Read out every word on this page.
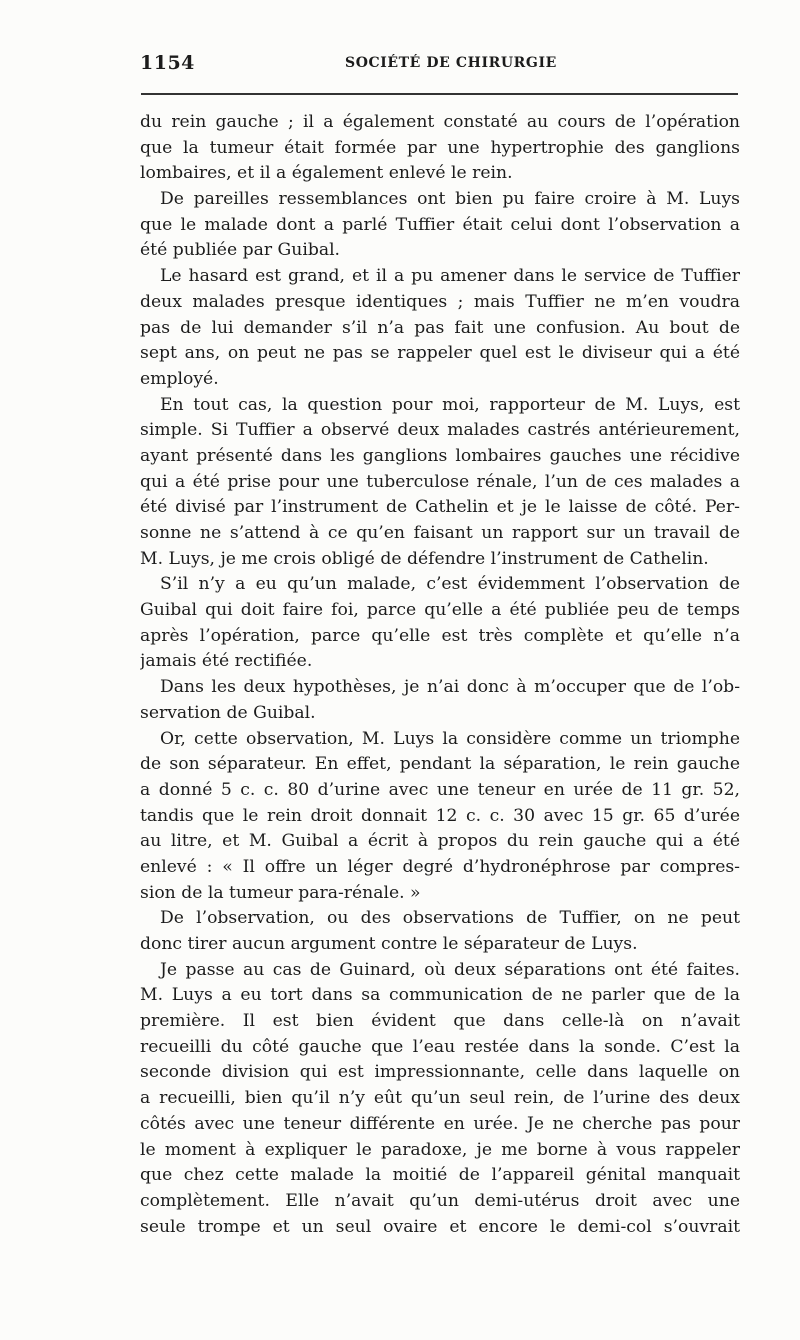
1154	SOCIÉTÉ DE CHIRURGIE
du rein gauche ; il a également constaté au cours de l’opération
que la tumeur était formée par une hypertrophie des ganglions
lombaires, et il a également enlevé le rein.
De pareilles ressemblances ont bien pu faire croire à M. Luys
que le malade dont a parlé Tuffier était celui dont l’observation a
été publiée par Guibal.
Le hasard est grand, et il a pu amener dans le service de Tuffier
deux malades presque identiques ; mais Tuffier ne m’en voudra
pas de lui demander s’il n’a pas fait une confusion. Au bout de
sept ans, on peut ne pas se rappeler quel est le diviseur qui a été
employé.
En tout cas, la question pour moi, rapporteur de M. Luys, est
simple. Si Tuffier a observé deux malades castrés antérieurement,
ayant présenté dans les ganglions lombaires gauches une récidive
qui a été prise pour une tuberculose rénale, l’un de ces malades a
été divisé par l’instrument de Cathelin et je le laisse de côté. Per-
sonne ne s’attend à ce qu’en faisant un rapport sur un travail de
M. Luys, je me crois obligé de défendre l’instrument de Cathelin.
S’il n’y a eu qu’un malade, c’est évidemment l’observation de
Guibal qui doit faire foi, parce qu’elle a été publiée peu de temps
après l’opération, parce qu’elle est très complète et qu’elle n’a
jamais été rectifiée.
Dans les deux hypothèses, je n’ai donc à m’occuper que de l’ob-
servation de Guibal.
Or, cette observation, M. Luys la considère comme un triomphe
de son séparateur. En effet, pendant la séparation, le rein gauche
a donné 5 c. c. 80 d’urine avec une teneur en urée de 11 gr. 52,
tandis que le rein droit donnait 12 c. c. 30 avec 15 gr. 65 d’urée
au litre, et M. Guibal a écrit à propos du rein gauche qui a été
enlevé : « Il offre un léger degré d’hydronéphrose par compres-
sion de la tumeur para-rénale. »
De l’observation, ou des observations de Tuffier, on ne peut
donc tirer aucun argument contre le séparateur de Luys.
Je passe au cas de Guinard, où deux séparations ont été faites.
M. Luys a eu tort dans sa communication de ne parler que de la
première. Il est bien évident que dans celle-là on n’avait
recueilli du côté gauche que l’eau restée dans la sonde. C’est la
seconde division qui est impressionnante, celle dans laquelle on
a recueilli, bien qu’il n’y eût qu’un seul rein, de l’urine des deux
côtés avec une teneur différente en urée. Je ne cherche pas pour
le moment à expliquer le paradoxe, je me borne à vous rappeler
que chez cette malade la moitié de l’appareil génital manquait
complètement. Elle n’avait qu’un demi-utérus droit avec une
seule trompe et un seul ovaire et encore le demi-col s’ouvrait
